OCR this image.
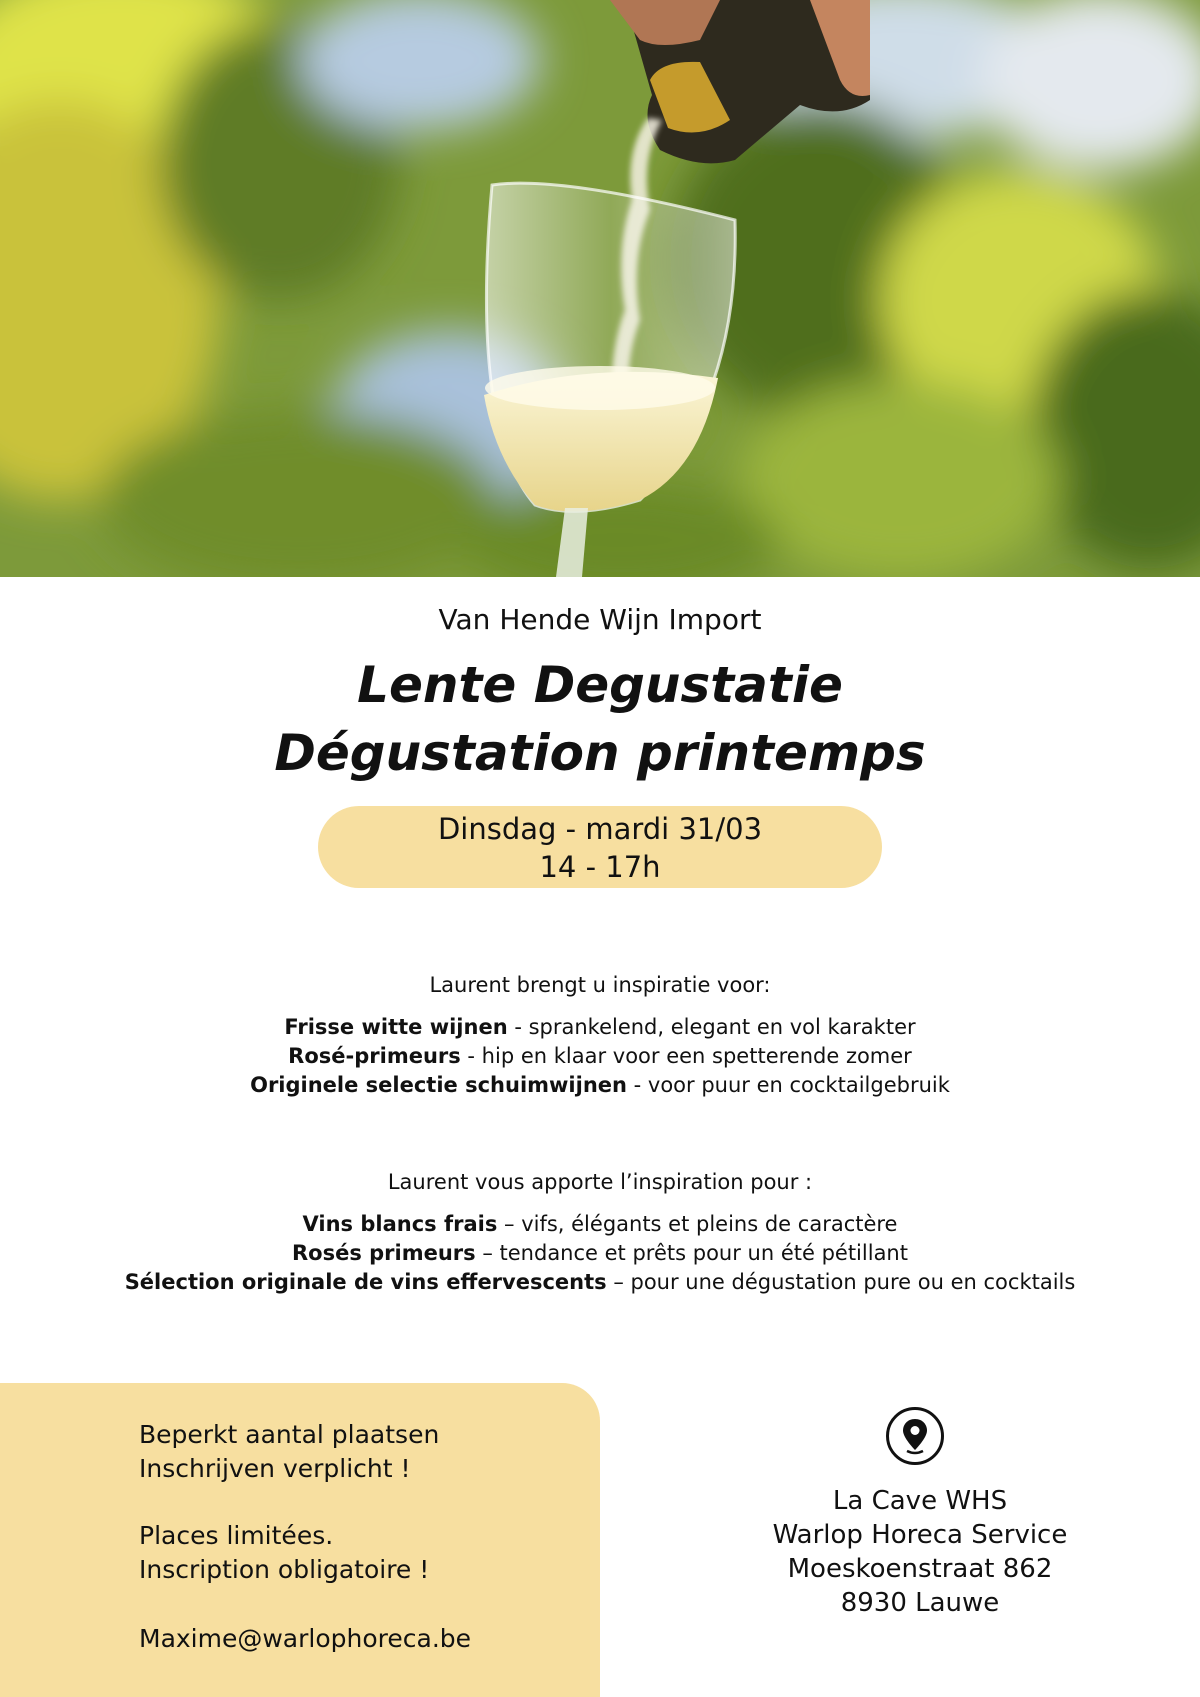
Van Hende Wijn Import
Lente Degustatie
Dégustation printemps
Dinsdag - mardi 31/03
14 - 17h
Laurent brengt u inspiratie voor:
Frisse witte wijnen - sprankelend, elegant en vol karakter
Rosé-primeurs - hip en klaar voor een spetterende zomer
Originele selectie schuimwijnen - voor puur en cocktailgebruik
Laurent vous apporte l’inspiration pour :
Vins blancs frais – vifs, élégants et pleins de caractère
Rosés primeurs – tendance et prêts pour un été pétillant
Sélection originale de vins effervescents – pour une dégustation pure ou en cocktails
Beperkt aantal plaatsen
Inschrijven verplicht !
Places limitées.
Inscription obligatoire !
Maxime@warlophoreca.be
La Cave WHS
Warlop Horeca Service
Moeskoenstraat 862
8930 Lauwe
